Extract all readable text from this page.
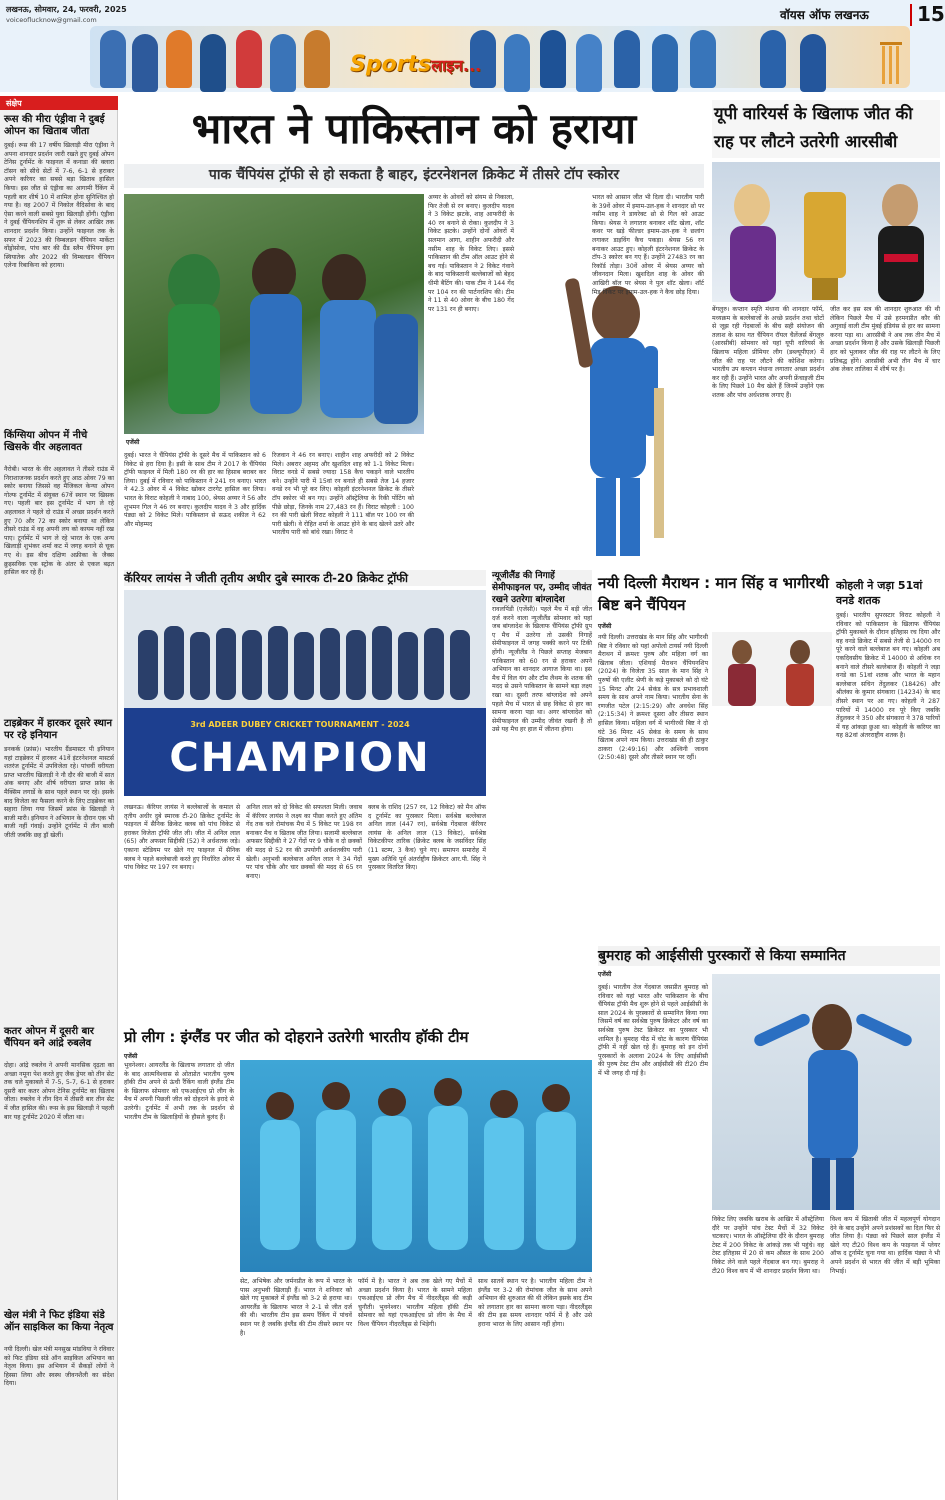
लखनऊ, सोमवार, 24, फरवरी, 2025
voiceoflucknow@gmail.com	वॉयस ऑफ लखनऊ 15
Sportsलाइन...
संक्षेप
रूस की मीरा एंड्रीवा ने दुबई ओपन का खिताब जीता
दुबई। रूस की 17 वर्षीय खिलाड़ी मीरा एंड्रीवा ने अपना शानदार प्रदर्शन जारी रखते हुए दुबई ओपन टेनिस टूर्नामेंट के फाइनल में कनाडा की क्लारा टॉसन को सीधे सेटों में 7-6, 6-1 से हराकर अपने करियर का सबसे बड़ा खिताब हासिल किया। इस जीत से एंड्रीवा का आगामी रैंकिंग में पहली बार शीर्ष 10 में शामिल होना सुनिश्चित हो गया है। वह 2007 में निकोल वैदिसोवा के बाद ऐसा करने वाली सबसे युवा खिलाड़ी होंगी। एंड्रीवा ने दुबई चैंपियनशिप में शुरू से लेकर आखिर तक शानदार प्रदर्शन किया। उन्होंने फाइनल तक के सफर में 2023 की विम्बलडन चैंपियन मार्केटा वोंड्रोसोवा, पांच बार की ग्रैंड स्लैम चैंपियन इगा स्वियातेक और 2022 की विम्बलडन चैंपियन एलेना रिबाकिना को हराया।
किंग्सिया ओपन में नीचे खिसके वीर अहलावत
नैरोबी। भारत के वीर अहलावत ने तीसरे राउंड में निराशाजनक प्रदर्शन करते हुए आठ ओवर 79 का स्कोर बनाया जिससे वह मैजिकल केन्या ओपन गोल्फ टूर्नामेंट में संयुक्त 67वें स्थान पर खिसक गए। पहली बार इस टूर्नामेंट में भाग ले रहे अहलावत ने पहले दो राउंड में अच्छा प्रदर्शन करते हुए 70 और 72 का स्कोर बनाया था लेकिन तीसरे राउंड में वह अपनी लय को कायम नहीं रख पाए। टूर्नामेंट में भाग ले रहे भारत के एक अन्य खिलाड़ी शुभंकर शर्मा कट में जगह बनाने से चूक गए थे। इस बीच दक्षिण अफ्रीका के जैक्स क्रुइसविक एक स्ट्रोक के अंतर से एकल बढ़त हासिल कर रहे हैं।
टाइब्रेकर में हारकर दूसरे स्थान पर रहे इनियान
डनकर्क (फ्रांस)। भारतीय ग्रैंडमास्टर पी इनियान यहां टाइब्रेकर में हारकर 41वें इंटरनेशनल मास्टर्स शतरंज टूर्नामेंट में उपविजेता रहे। पांचवीं वरीयता प्राप्त भारतीय खिलाड़ी ने नौ दौर की बाजी में सात अंक बनाए और शीर्ष वरीयता प्राप्त फ्रांस के मैक्सिम लगार्डे के साथ पहले स्थान पर रहे। इसके बाद विजेता का फैसला करने के लिए टाइब्रेकर का सहारा लिया गया जिसमें फ्रांस के खिलाड़ी ने बाजी मारी। इनियान ने अभियान के दौरान एक भी बाजी नहीं गंवाई। उन्होंने टूर्नामेंट में तीन बाजी जीती जबकि छह ड्रॉ खेलीं।
कतर ओपन में दूसरी बार चैंपियन बने आंद्रे रुबलेव
दोहा। आंद्रे रुबलेव ने अपनी मानसिक दृढ़ता का अच्छा नमूना पेश करते हुए जैक ड्रेपर को तीन सेट तक चले मुकाबले में 7-5, 5-7, 6-1 से हराकर दूसरी बार कतर ओपन टेनिस टूर्नामेंट का खिताब जीता। रुबलेव ने तीन दिन में तीसरी बार तीन सेट में जीत हासिल की। रूस के इस खिलाड़ी ने पहली बार यह टूर्नामेंट 2020 में जीता था।
खेल मंत्री ने फिट इंडिया संडे ऑन साइकिल का किया नेतृत्व
नयी दिल्ली। खेल मंत्री मनसुख मांडविया ने रविवार को फिट इंडिया संडे ऑन साइकिल अभियान का नेतृत्व किया। इस अभियान में सैकड़ों लोगों ने हिस्सा लिया और स्वस्थ जीवनशैली का संदेश दिया।
भारत ने पाकिस्तान को हराया
पाक चैंपियंस ट्रॉफी से हो सकता है बाहर, इंटरनेशनल क्रिकेट में तीसरे टॉप स्कोरर
एजेंसी
दुबई। भारत ने चैंपियंस ट्रॉफी के दूसरे मैच में पाकिस्तान को 6 विकेट से हरा दिया है। इसी के साथ टीम ने 2017 के चैंपियंस ट्रॉफी फाइनल में मिली 180 रन की हार का हिसाब बराबर कर लिया। दुबई में रविवार को पाकिस्तान ने 241 रन बनाए। भारत ने 42.3 ओवर में 4 विकेट खोकर टारगेट हासिल कर लिया। भारत के विराट कोहली ने नाबाद 100, श्रेयस अय्यर ने 56 और शुभमन गिल ने 46 रन बनाए। कुलदीप यादव ने 3 और हार्दिक पंड्या को 2 विकेट मिले। पाकिस्तान से सऊद शकील ने 62 और मोहम्मद
रिजवान ने 46 रन बनाए। शाहीन शाह अफरीदी को 2 विकेट मिले। अबरार अहमद और खुशदिल शाह को 1-1 विकेट मिला। विराट वनडे में सबसे ज्यादा 158 कैच पकड़ने वाले भारतीय बने। उन्होंने पारी में 15वां रन बनाते ही सबसे तेज 14 हजार वनडे रन भी पूरे कर लिए। कोहली इंटरनेशनल क्रिकेट के तीसरे टॉप स्कोरर भी बन गए। उन्होंने ऑस्ट्रेलिया के रिकी पोंटिंग को पीछे छोड़ा, जिनके नाम 27,483 रन हैं। विराट कोहली : 100 रन की पारी खेली विराट कोहली ने 111 बॉल पर 100 रन की पारी खेली। वे रोहित शर्मा के आउट होने के बाद खेलने उतरे और भारतीय पारी को बांधे रखा। विराट ने
अय्यर के ओवरों को संयम से निकाला, फिर तेजी से रन बनाए। कुलदीप यादव ने 3 विकेट झटके, शाह आफरीदी के 40 रन बनाने से रोका। कुलदीप ने 3 विकेट झटके। उन्होंने दोनों ओवरों में सलमान आगा, शाहीन अफरीदी और नसीम शाह के विकेट लिए। इससे पाकिस्तान की टीम ऑल आउट होने से बच गई। पाकिस्तान ने 2 विकेट गंवाने के बाद पाकिस्तानी बल्लेबाजों को बेहद धीमी बैटिंग की। पाक टीम ने 144 गेंद पर 104 रन की पार्टनरशिप की। टीम ने 11 से 40 ओवर के बीच 180 गेंद पर 131 रन ही बनाए।
भारत को आसान जीत भी दिला दी। भारतीय पारी के 39वें ओवर में इमाम-उल-हक ने शानदार थ्रो पर नसीम शाह ने डायरेक्ट थ्रो से गिल को आउट किया। श्रेयस ने लगातार बनाकर शॉट खेला, शॉट कवर पर खड़े फील्डर इमाम-उल-हक ने छलांग लगाकर डाइविंग कैच पकड़ा। श्रेयस 56 रन बनाकर आउट हुए। कोहली इंटरनेशनल क्रिकेट के टॉप-3 स्कोरर बन गए हैं। उन्होंने 27483 रन का रिकॉर्ड तोड़ा। 30वें ओवर में श्रेयस अय्यर को जीवनदान मिला। खुशदिल शाह के ओवर की आखिरी बॉल पर श्रेयस ने पुल शॉट खेला। शॉर्ट मिड विकेट पर इमाम-उल-हक ने कैच छोड़ दिया।
यूपी वारियर्स के खिलाफ जीत की राह पर लौटने उतरेगी आरसीबी
बेंगलुरु। कप्तान स्मृति मंधाना की शानदार फॉर्म, मध्यक्रम के बल्लेबाजों के अच्छे प्रदर्शन तथा चोटों से जूझ रही गेंदबाजों के बीच सही संयोजन की तलाश के साथ गत चैंपियन रॉयल चैलेंजर्स बेंगलुरु (आरसीबी) सोमवार को यहां यूपी वारियर्स के खिलाफ महिला प्रीमियर लीग (डब्ल्यूपीएल) में जीत की राह पर लौटने की कोशिश करेगा। भारतीय उप कप्तान मंधाना लगातार अच्छा प्रदर्शन कर रही हैं। उन्होंने भारत और अपनी फ्रेंचाइजी टीम के लिए पिछले 10 मैच खेले हैं जिनमें उन्होंने एक शतक और पांच अर्धशतक लगाए हैं।
जीत कर इस सत्र की शानदार शुरुआत की थी लेकिन पिछले मैच में उसे हरमनप्रीत कौर की अगुवाई वाली टीम मुंबई इंडियंस से हार का सामना करना पड़ा था। आरसीबी ने अब तक तीन मैच में अच्छा प्रदर्शन किया है और उसके खिलाड़ी पिछली हार को भुलाकर जीत की राह पर लौटने के लिए प्रतिबद्ध होंगे। आरसीबी अभी तीन मैच में चार अंक लेकर तालिका में शीर्ष पर है।
कॅरियर लायंस ने जीती तृतीय अधीर दुबे स्मारक टी-20 क्रिकेट ट्रॉफी
3rd ADEER DUBEY CRICKET TOURNAMENT - 2024
CHAMPION
लखनऊ। कॅरियर लायंस ने बल्लेबाजों के कमाल से तृतीय अधीर दुबे स्मारक टी-20 क्रिकेट टूर्नामेंट के फाइनल में सैनिक क्रिकेट क्लब को पांच विकेट से हराकर विजेता ट्रॉफी जीत ली। जीत में अनिल लाल (65) और अफसर सिद्दीकी (52) ने अर्धशतक जड़े। एकाना स्टेडियम पर खेले गए फाइनल में सैनिक क्लब ने पहले बल्लेबाजी करते हुए निर्धारित ओवर में पांच विकेट पर 197 रन बनाए।
अनिल लाल को दो विकेट की सफलता मिली। जवाब में कॅरियर लायंस ने लक्ष्य का पीछा करते हुए अंतिम गेंद तक चले रोमांचक मैच में 5 विकेट पर 198 रन बनाकर मैच व खिताब जीत लिया। सलामी बल्लेबाज अफसर सिद्दीकी ने 27 गेंदों पर 9 चौके व दो छक्कों की मदद से 52 रन की उपयोगी अर्धशतकीय पारी खेली। अनुभवी बल्लेबाज अनिल लाल ने 34 गेंदों पर पांच चौके और चार छक्कों की मदद से 65 रन बनाए।
क्लब के राशिद (257 रन, 12 विकेट) को मैन ऑफ द टूर्नामेंट का पुरस्कार मिला। सर्वश्रेष्ठ बल्लेबाज अनिल लाल (447 रन), सर्वश्रेष्ठ गेंदबाज कॅरियर लायंस के अनिल लाल (13 विकेट), सर्वश्रेष्ठ विकेटकीपर तारिक (क्रिकेट क्लब के जसविंदर सिंह (11 स्टम्प, 3 कैच) चुने गए। समापन समारोह में मुख्य अतिथि पूर्व अंतर्राष्ट्रीय क्रिकेटर आर.पी. सिंह ने पुरस्कार वितरित किए।
न्यूजीलैंड की निगाहें सेमीफाइनल पर, उम्मीद जीवंत रखने उतरेगा बांग्लादेश
रावलपिंडी (एजेंसी)। पहले मैच में बड़ी जीत दर्ज करने वाला न्यूजीलैंड सोमवार को यहां जब बांग्लादेश के खिलाफ चैंपियंस ट्रॉफी ग्रुप ए मैच में उतरेगा तो उसकी निगाहें सेमीफाइनल में जगह पक्की करने पर टिकी होंगी। न्यूजीलैंड ने पिछले सप्ताह मेजबान पाकिस्तान को 60 रन से हराकर अपने अभियान का शानदार आगाज किया था। इस मैच में विल यंग और टॉम लैथम के शतक की मदद से उसने पाकिस्तान के सामने बड़ा लक्ष्य रखा था। दूसरी तरफ बांग्लादेश को अपने पहले मैच में भारत से छह विकेट से हार का सामना करना पड़ा था। अगर बांग्लादेश को सेमीफाइनल की उम्मीद जीवंत रखनी है तो उसे यह मैच हर हाल में जीतना होगा।
नयी दिल्ली मैराथन : मान सिंह व भागीरथी बिष्ट बने चैंपियन
एजेंसी
नयी दिल्ली। उत्तराखंड के मान सिंह और भागीरथी बिष्ट ने रविवार को यहां अपोलो टायर्स नयी दिल्ली मैराथन में क्रमशः पुरुष और महिला वर्ग का खिताब जीता। एशियाई मैराथन चैंपियनशिप (2024) के विजेता 35 साल के मान सिंह ने पुरुषों की एलीट श्रेणी के कड़े मुकाबले को दो घंटे 15 मिनट और 24 सेकंड के सत्र प्रभावशाली समय के साथ अपने नाम किया। भारतीय सेना के रणजीत पटेल (2:15:29) और अवधेश सिंह (2:15:34) ने क्रमशः दूसरा और तीसरा स्थान हासिल किया। महिला वर्ग में भागीरथी बिष्ट ने दो घंटे 36 मिनट 45 सेकंड के समय के साथ खिताब अपने नाम किया। उत्तराखंड की ही ठाकुर ठाकरा (2:49:16) और अश्विनी जाधव (2:50:48) दूसरे और तीसरे स्थान पर रहीं।
कोहली ने जड़ा 51वां वनडे शतक
दुबई। भारतीय सुपरस्टार विराट कोहली ने रविवार को पाकिस्तान के खिलाफ चैंपियंस ट्रॉफी मुकाबले के दौरान इतिहास रच दिया और वह वनडे क्रिकेट में सबसे तेजी से 14000 रन पूरे करने वाले बल्लेबाज बन गए। कोहली अब एकदिवसीय क्रिकेट में 14000 से अधिक रन बनाने वाले तीसरे बल्लेबाज हैं। कोहली ने जड़ा वनडे का 51वां शतक और भारत के महान बल्लेबाज सचिन तेंदुलकर (18426) और श्रीलंका के कुमार संगकारा (14234) के बाद तीसरे स्थान पर आ गए। कोहली ने 287 पारियों में 14000 रन पूरे किए जबकि तेंदुलकर ने 350 और संगकारा ने 378 पारियों में यह आंकड़ा छुआ था। कोहली के करियर का यह 82वां अंतरराष्ट्रीय शतक है।
बुमराह को आईसीसी पुरस्कारों से किया सम्मानित
एजेंसी
दुबई। भारतीय तेज गेंदबाज जसप्रीत बुमराह को रविवार को यहां भारत और पाकिस्तान के बीच चैंपियंस ट्रॉफी मैच शुरू होने से पहले आईसीसी के साल 2024 के पुरस्कारों से सम्मानित किया गया जिसमें वर्ष का सर्वश्रेष्ठ पुरुष क्रिकेटर और वर्ष का सर्वश्रेष्ठ पुरुष टेस्ट क्रिकेटर का पुरस्कार भी शामिल है। बुमराह पीठ में चोट के कारण चैंपियंस ट्रॉफी में नहीं खेल रहे हैं। बुमराह को इन दोनों पुरस्कारों के अलावा 2024 के लिए आईसीसी की पुरुष टेस्ट टीम और आईसीसी की टी20 टीम में भी जगह दी गई है।
विकेट लिए जबकि खराब के आखिर में ऑस्ट्रेलिया दौरे पर उन्होंने पांच टेस्ट मैचों में 32 विकेट चटकाए। भारत के ऑस्ट्रेलिया दौरे के दौरान बुमराह टेस्ट में 200 विकेट के आंकड़े तक भी पहुंचे। वह टेस्ट इतिहास में 20 से कम औसत के साथ 200 विकेट लेने वाले पहले गेंदबाज बन गए। बुमराह ने टी20 विश्व कप में भी शानदार प्रदर्शन किया था।
विश्व कप में खिताबी जीत में महत्वपूर्ण योगदान देने के बाद उन्होंने अपने प्रशंसकों का दिल फिर से जीत लिया है। पंड्या को पिछले साल इंग्लैंड में खेले गए टी20 विश्व कप के फाइनल में प्लेयर ऑफ द टूर्नामेंट चुना गया था। हार्दिक पंड्या ने भी अपने प्रदर्शन से भारत की जीत में बड़ी भूमिका निभाई।
प्रो लीग : इंग्लैंड पर जीत को दोहराने उतरेगी भारतीय हॉकी टीम
एजेंसी
भुवनेश्वर। आयरलैंड के खिलाफ लगातार दो जीत के बाद आत्मविश्वास से ओतप्रोत भारतीय पुरुष हॉकी टीम अपने से ऊंची रैंकिंग वाली इंग्लैंड टीम के खिलाफ सोमवार को एफआईएच प्रो लीग के मैच में अपनी पिछली जीत को दोहराने के इरादे से उतरेगी। टूर्नामेंट में अभी तक के प्रदर्शन से भारतीय टीम के खिलाड़ियों के हौसले बुलंद हैं।
सेट, अभिषेक और जर्मनप्रीत के रूप में भारत के पास अनुभवी खिलाड़ी हैं। भारत ने शनिवार को खेले गए मुकाबले में इंग्लैंड को 3-2 से हराया था। आयरलैंड के खिलाफ भारत ने 2-1 से जीत दर्ज की थी। भारतीय टीम इस समय रैंकिंग में पांचवें स्थान पर है जबकि इंग्लैंड की टीम तीसरे स्थान पर है।
फॉर्म में है। भारत ने अब तक खेले गए मैचों में अच्छा प्रदर्शन किया है। भारत के सामने महिला एफआईएच प्रो लीग मैच में नीदरलैंड्स की कड़ी चुनौती। भुवनेश्वर। भारतीय महिला हॉकी टीम सोमवार को यहां एफआईएच प्रो लीग के मैच में विश्व चैंपियन नीदरलैंड्स से भिड़ेगी।
साथ सातवें स्थान पर है। भारतीय महिला टीम ने इंग्लैंड पर 3-2 की रोमांचक जीत के साथ अपने अभियान की शुरुआत की थी लेकिन इसके बाद टीम को लगातार हार का सामना करना पड़ा। नीदरलैंड्स की टीम इस समय शानदार फॉर्म में है और उसे हराना भारत के लिए आसान नहीं होगा।
